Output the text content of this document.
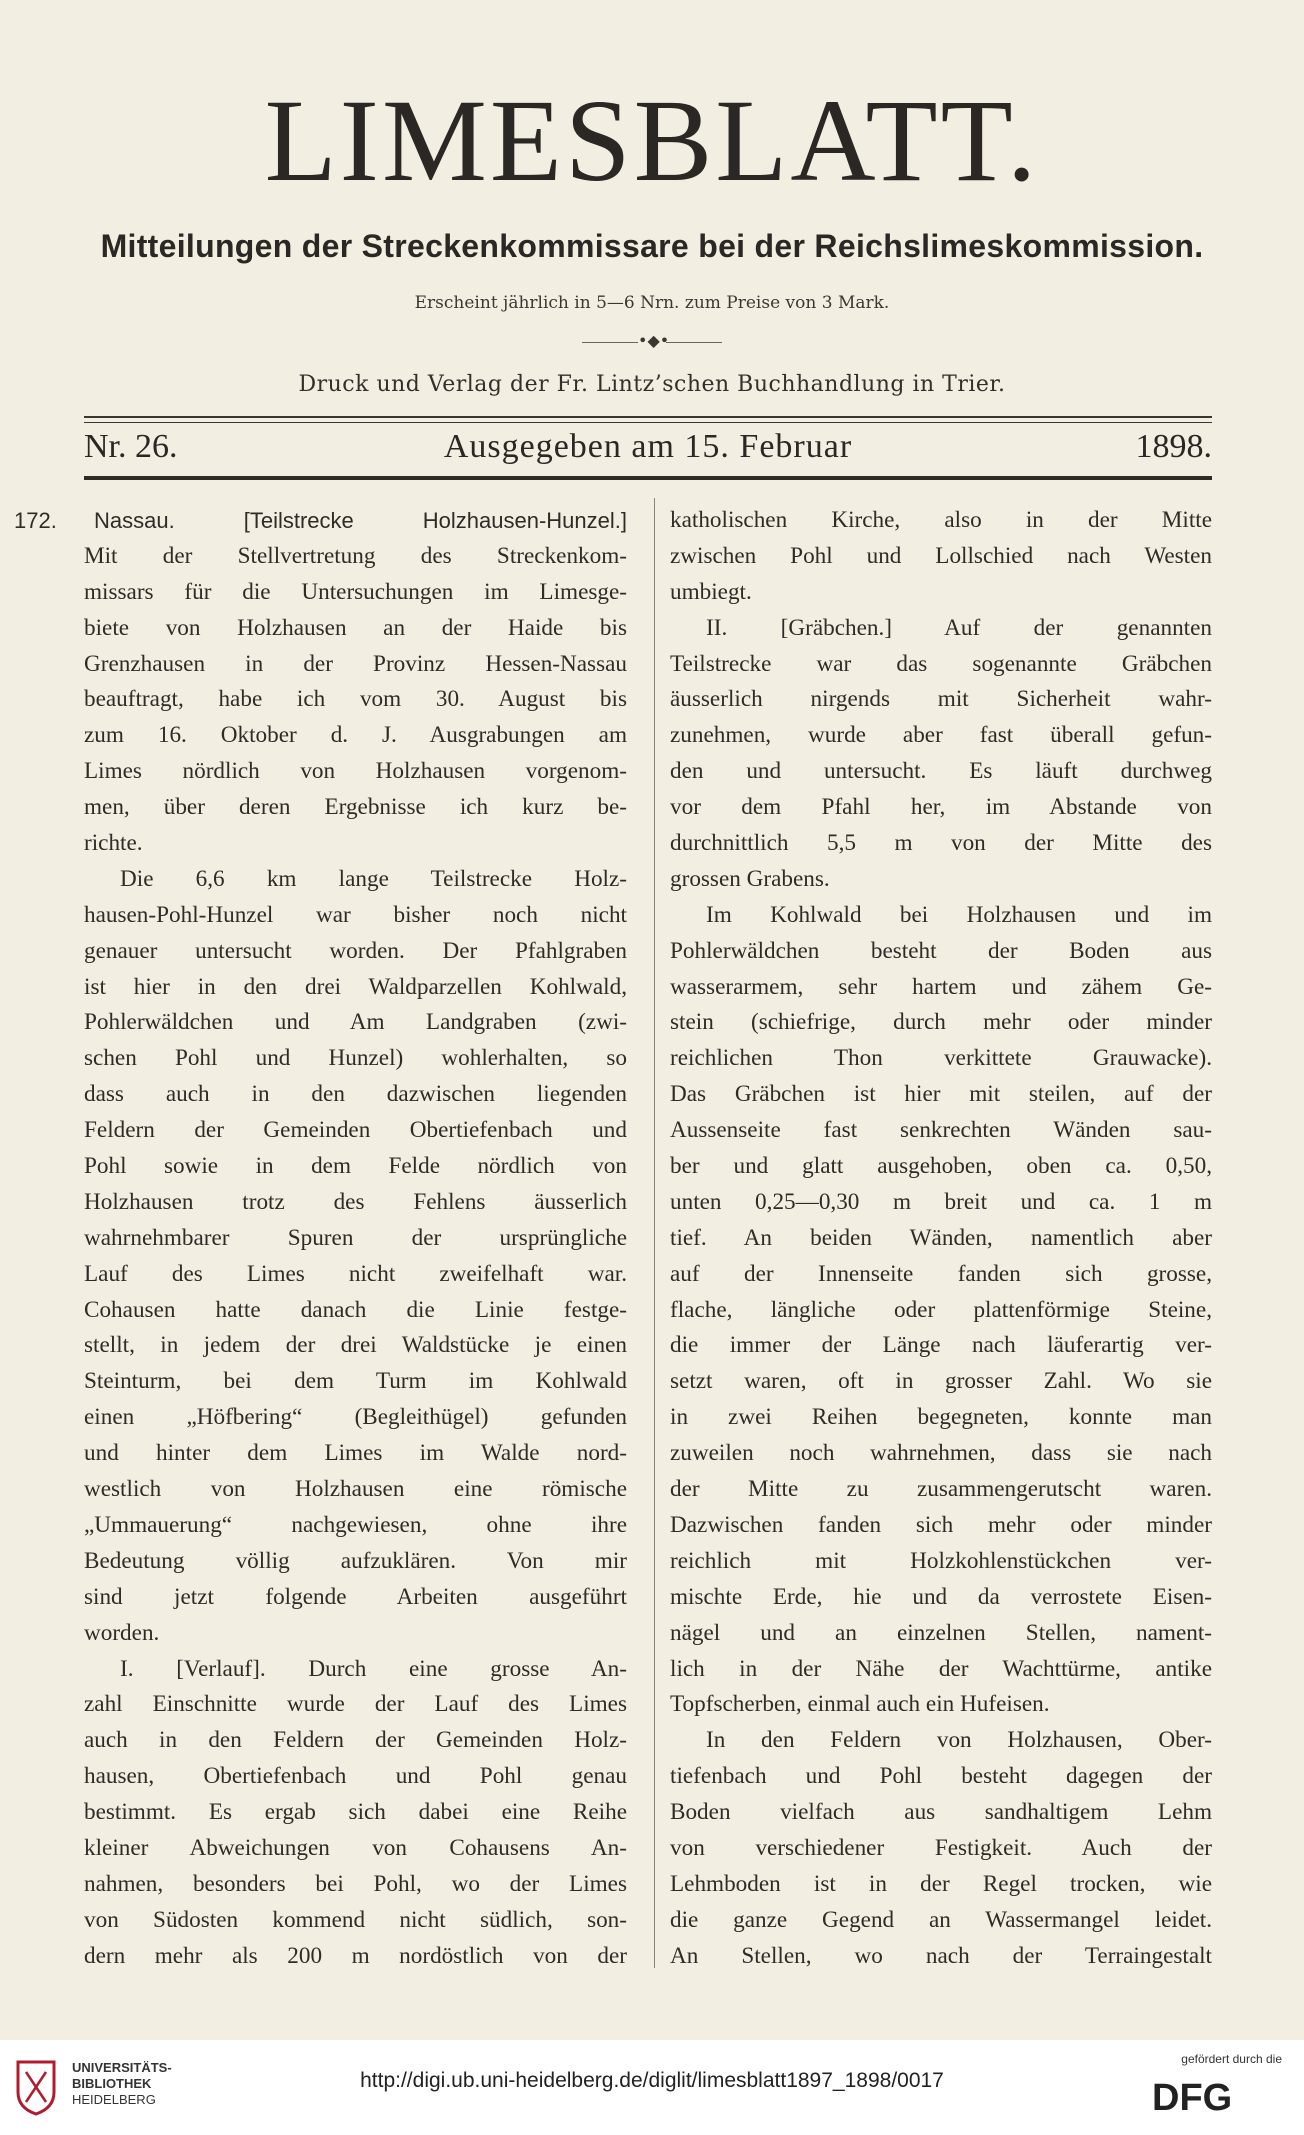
LIMESBLATT.
Mitteilungen der Streckenkommissare bei der Reichslimeskommission.
Erscheint jährlich in 5—6 Nrn. zum Preise von 3 Mark.
•◆•
Druck und Verlag der Fr. Lintz’schen Buchhandlung in Trier.
Nr. 26.	Ausgegeben am 15. Februar	1898.
172.	Nassau. [Teilstrecke Holzhausen-Hunzel.]
Mit der Stellvertretung des Streckenkom-
missars für die Untersuchungen im Limesge-
biete von Holzhausen an der Haide bis
Grenzhausen in der Provinz Hessen-Nassau
beauftragt, habe ich vom 30. August bis
zum 16. Oktober d. J. Ausgrabungen am
Limes nördlich von Holzhausen vorgenom-
men, über deren Ergebnisse ich kurz be-
richte.
Die 6,6 km lange Teilstrecke Holz-
hausen-Pohl-Hunzel war bisher noch nicht
genauer untersucht worden. Der Pfahlgraben
ist hier in den drei Waldparzellen Kohlwald,
Pohlerwäldchen und Am Landgraben (zwi-
schen Pohl und Hunzel) wohlerhalten, so
dass auch in den dazwischen liegenden
Feldern der Gemeinden Obertiefenbach und
Pohl sowie in dem Felde nördlich von
Holzhausen trotz des Fehlens äusserlich
wahrnehmbarer Spuren der ursprüngliche
Lauf des Limes nicht zweifelhaft war.
Cohausen hatte danach die Linie festge-
stellt, in jedem der drei Waldstücke je einen
Steinturm, bei dem Turm im Kohlwald
einen „Höfbering“ (Begleithügel) gefunden
und hinter dem Limes im Walde nord-
westlich von Holzhausen eine römische
„Ummauerung“ nachgewiesen, ohne ihre
Bedeutung völlig aufzuklären. Von mir
sind jetzt folgende Arbeiten ausgeführt
worden.
I. [Verlauf]. Durch eine grosse An-
zahl Einschnitte wurde der Lauf des Limes
auch in den Feldern der Gemeinden Holz-
hausen, Obertiefenbach und Pohl genau
bestimmt. Es ergab sich dabei eine Reihe
kleiner Abweichungen von Cohausens An-
nahmen, besonders bei Pohl, wo der Limes
von Südosten kommend nicht südlich, son-
dern mehr als 200 m nordöstlich von der
katholischen Kirche, also in der Mitte
zwischen Pohl und Lollschied nach Westen
umbiegt.
II. [Gräbchen.] Auf der genannten
Teilstrecke war das sogenannte Gräbchen
äusserlich nirgends mit Sicherheit wahr-
zunehmen, wurde aber fast überall gefun-
den und untersucht. Es läuft durchweg
vor dem Pfahl her, im Abstande von
durchnittlich 5,5 m von der Mitte des
grossen Grabens.
Im Kohlwald bei Holzhausen und im
Pohlerwäldchen besteht der Boden aus
wasserarmem, sehr hartem und zähem Ge-
stein (schiefrige, durch mehr oder minder
reichlichen Thon verkittete Grauwacke).
Das Gräbchen ist hier mit steilen, auf der
Aussenseite fast senkrechten Wänden sau-
ber und glatt ausgehoben, oben ca. 0,50,
unten 0,25—0,30 m breit und ca. 1 m
tief. An beiden Wänden, namentlich aber
auf der Innenseite fanden sich grosse,
flache, längliche oder plattenförmige Steine,
die immer der Länge nach läuferartig ver-
setzt waren, oft in grosser Zahl. Wo sie
in zwei Reihen begegneten, konnte man
zuweilen noch wahrnehmen, dass sie nach
der Mitte zu zusammengerutscht waren.
Dazwischen fanden sich mehr oder minder
reichlich mit Holzkohlenstückchen ver-
mischte Erde, hie und da verrostete Eisen-
nägel und an einzelnen Stellen, nament-
lich in der Nähe der Wachttürme, antike
Topfscherben, einmal auch ein Hufeisen.
In den Feldern von Holzhausen, Ober-
tiefenbach und Pohl besteht dagegen der
Boden vielfach aus sandhaltigem Lehm
von verschiedener Festigkeit. Auch der
Lehmboden ist in der Regel trocken, wie
die ganze Gegend an Wassermangel leidet.
An Stellen, wo nach der Terraingestalt
UNIVERSITÄTS-
BIBLIOTHEK
HEIDELBERG
http://digi.ub.uni-heidelberg.de/diglit/limesblatt1897_1898/0017
gefördert durch die
DFG
